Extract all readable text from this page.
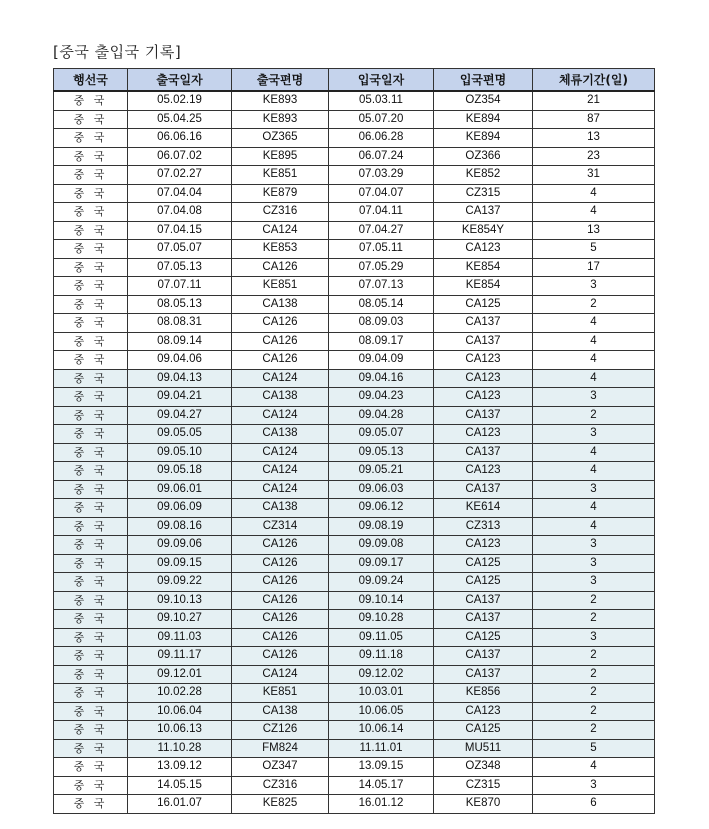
[중국 출입국 기록]
행선국	출국일자	출국편명	입국일자	입국편명	체류기간(일)
중 국	05.02.19	KE893	05.03.11	OZ354	21
중 국	05.04.25	KE893	05.07.20	KE894	87
중 국	06.06.16	OZ365	06.06.28	KE894	13
중 국	06.07.02	KE895	06.07.24	OZ366	23
중 국	07.02.27	KE851	07.03.29	KE852	31
중 국	07.04.04	KE879	07.04.07	CZ315	4
중 국	07.04.08	CZ316	07.04.11	CA137	4
중 국	07.04.15	CA124	07.04.27	KE854Y	13
중 국	07.05.07	KE853	07.05.11	CA123	5
중 국	07.05.13	CA126	07.05.29	KE854	17
중 국	07.07.11	KE851	07.07.13	KE854	3
중 국	08.05.13	CA138	08.05.14	CA125	2
중 국	08.08.31	CA126	08.09.03	CA137	4
중 국	08.09.14	CA126	08.09.17	CA137	4
중 국	09.04.06	CA126	09.04.09	CA123	4
중 국	09.04.13	CA124	09.04.16	CA123	4
중 국	09.04.21	CA138	09.04.23	CA123	3
중 국	09.04.27	CA124	09.04.28	CA137	2
중 국	09.05.05	CA138	09.05.07	CA123	3
중 국	09.05.10	CA124	09.05.13	CA137	4
중 국	09.05.18	CA124	09.05.21	CA123	4
중 국	09.06.01	CA124	09.06.03	CA137	3
중 국	09.06.09	CA138	09.06.12	KE614	4
중 국	09.08.16	CZ314	09.08.19	CZ313	4
중 국	09.09.06	CA126	09.09.08	CA123	3
중 국	09.09.15	CA126	09.09.17	CA125	3
중 국	09.09.22	CA126	09.09.24	CA125	3
중 국	09.10.13	CA126	09.10.14	CA137	2
중 국	09.10.27	CA126	09.10.28	CA137	2
중 국	09.11.03	CA126	09.11.05	CA125	3
중 국	09.11.17	CA126	09.11.18	CA137	2
중 국	09.12.01	CA124	09.12.02	CA137	2
중 국	10.02.28	KE851	10.03.01	KE856	2
중 국	10.06.04	CA138	10.06.05	CA123	2
중 국	10.06.13	CZ126	10.06.14	CA125	2
중 국	11.10.28	FM824	11.11.01	MU511	5
중 국	13.09.12	OZ347	13.09.15	OZ348	4
중 국	14.05.15	CZ316	14.05.17	CZ315	3
중 국	16.01.07	KE825	16.01.12	KE870	6
